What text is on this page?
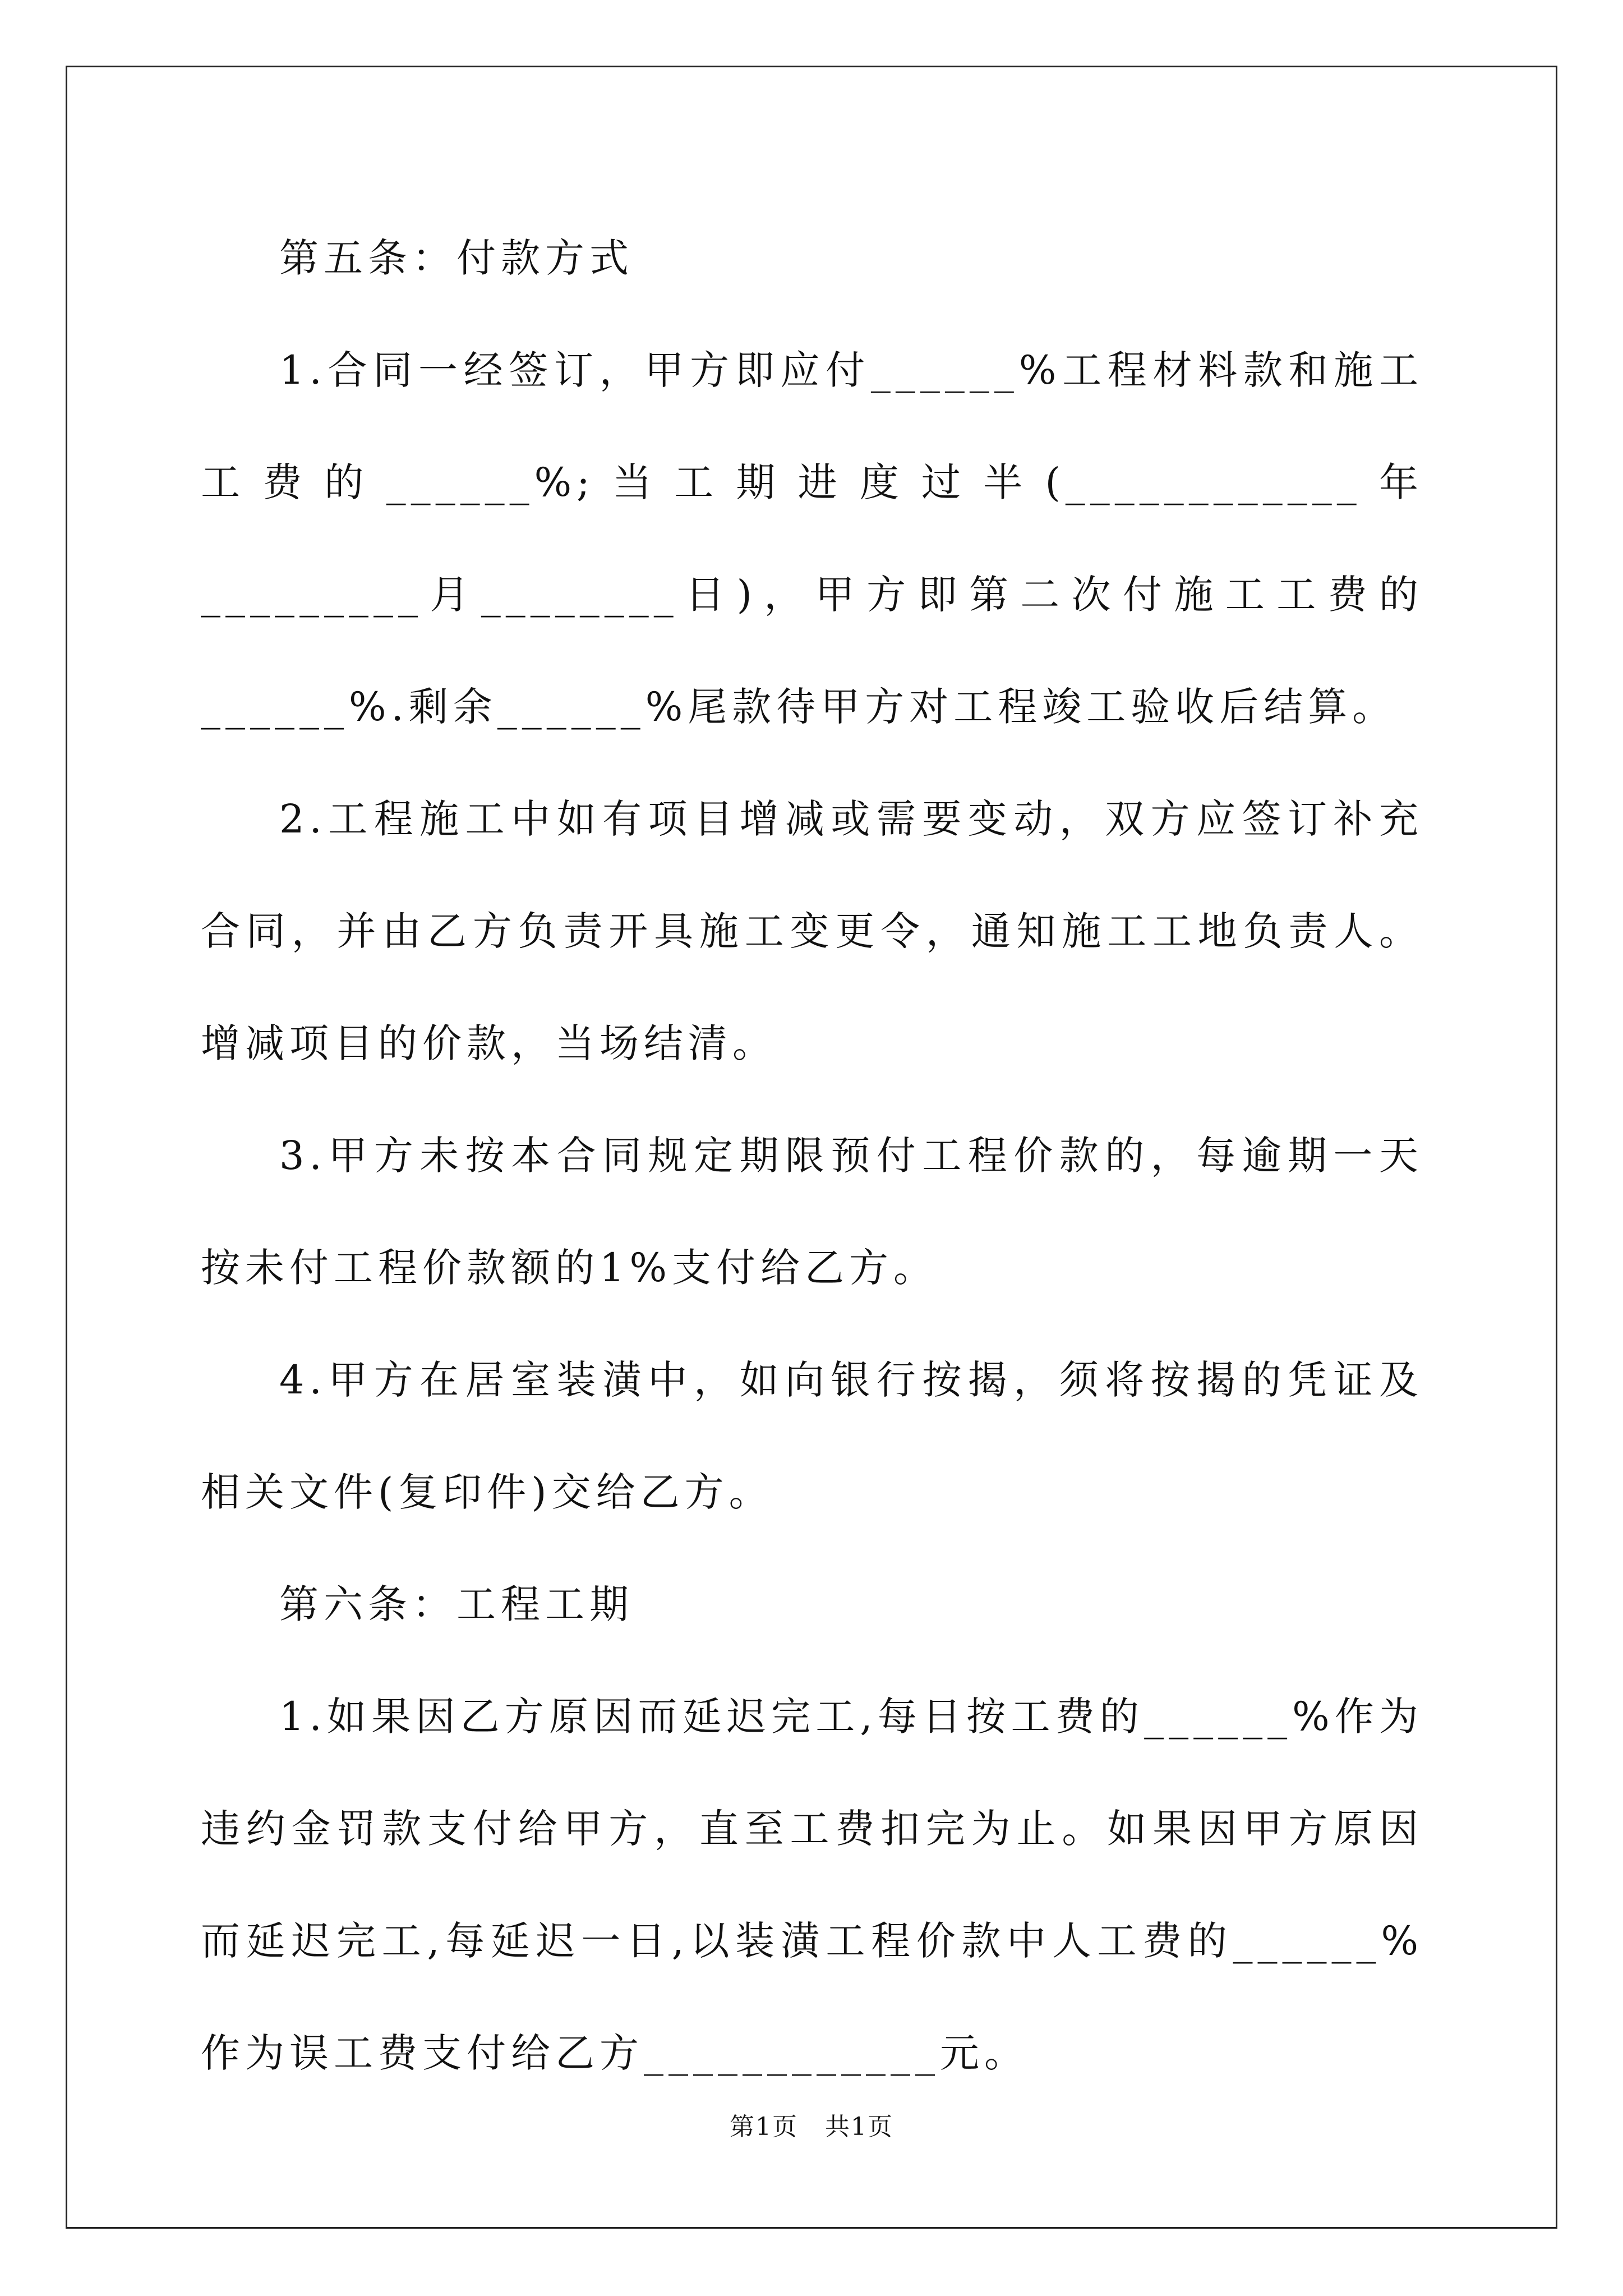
第五条：付款方式

1.合同一经签订，甲方即应付______%工程材料款和施工工费的______%;当工期进度过半(____________年_________月________日)，甲方即第二次付施工工费的______%.剩余______%尾款待甲方对工程竣工验收后结算。

2.工程施工中如有项目增减或需要变动，双方应签订补充合同，并由乙方负责开具施工变更令，通知施工工地负责人。增减项目的价款，当场结清。

3.甲方未按本合同规定期限预付工程价款的，每逾期一天按未付工程价款额的1%支付给乙方。

4.甲方在居室装潢中，如向银行按揭，须将按揭的凭证及相关文件(复印件)交给乙方。

第六条：工程工期

1.如果因乙方原因而延迟完工,每日按工费的______%作为违约金罚款支付给甲方，直至工费扣完为止。如果因甲方原因而延迟完工,每延迟一日,以装潢工程价款中人工费的______%作为误工费支付给乙方____________元。

第1页 共1页
